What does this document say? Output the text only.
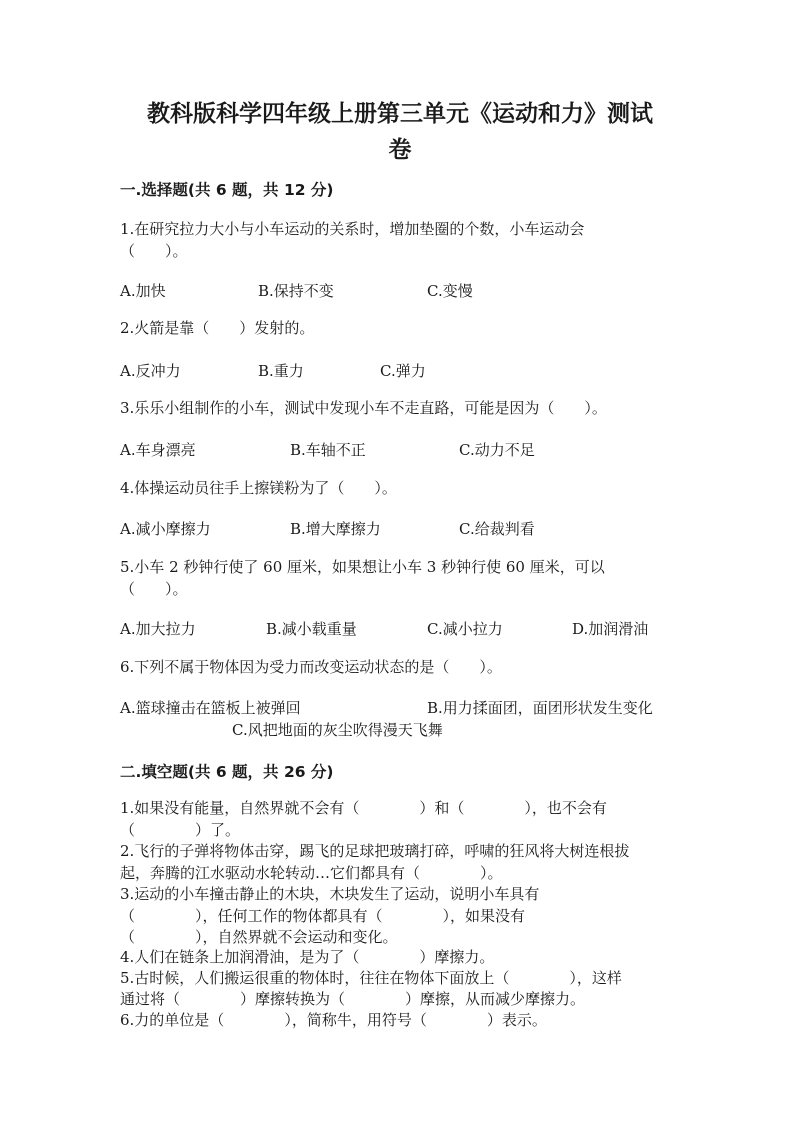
教科版科学四年级上册第三单元《运动和力》测试
卷
一.选择题(共 6 题，共 12 分)
1.在研究拉力大小与小车运动的关系时，增加垫圈的个数，小车运动会
（　　）。
A.加快	B.保持不变	C.变慢
2.火箭是靠（　　）发射的。
A.反冲力	B.重力	C.弹力
3.乐乐小组制作的小车，测试中发现小车不走直路，可能是因为（　　）。
A.车身漂亮	B.车轴不正	C.动力不足
4.体操运动员往手上擦镁粉为了（　　）。
A.减小摩擦力	B.增大摩擦力	C.给裁判看
5.小车 2 秒钟行使了 60 厘米，如果想让小车 3 秒钟行使 60 厘米，可以
（　　）。
A.加大拉力	B.减小载重量	C.减小拉力	D.加润滑油
6.下列不属于物体因为受力而改变运动状态的是（　　）。
A.篮球撞击在篮板上被弹回	B.用力揉面团，面团形状发生变化
C.风把地面的灰尘吹得漫天飞舞
二.填空题(共 6 题，共 26 分)
1.如果没有能量，自然界就不会有（　　　　）和（　　　　），也不会有
（　　　　）了。
2.飞行的子弹将物体击穿，踢飞的足球把玻璃打碎，呼啸的狂风将大树连根拔
起，奔腾的江水驱动水轮转动…它们都具有（　　　　）。
3.运动的小车撞击静止的木块，木块发生了运动，说明小车具有
（　　　　），任何工作的物体都具有（　　　　），如果没有
（　　　　），自然界就不会运动和变化。
4.人们在链条上加润滑油，是为了（　　　　）摩擦力。
5.古时候，人们搬运很重的物体时，往往在物体下面放上（　　　　），这样
通过将（　　　　）摩擦转换为（　　　　）摩擦，从而减少摩擦力。
6.力的单位是（　　　　），简称牛，用符号（　　　　）表示。
